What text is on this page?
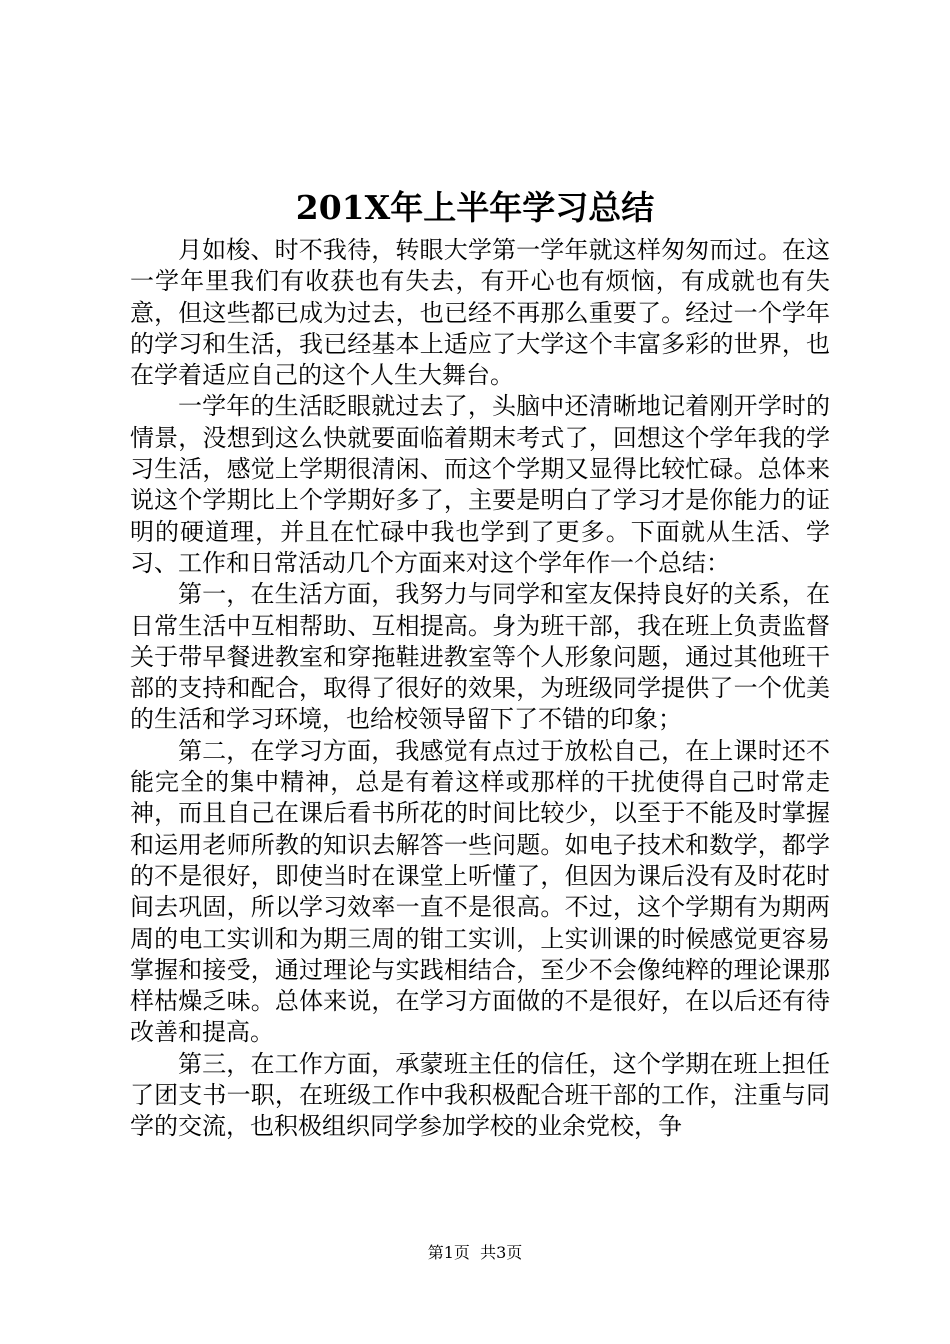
201X年上半年学习总结

月如梭、时不我待，转眼大学第一学年就这样匆匆而过。在这一学年里我们有收获也有失去，有开心也有烦恼，有成就也有失意，但这些都已成为过去，也已经不再那么重要了。经过一个学年的学习和生活，我已经基本上适应了大学这个丰富多彩的世界，也在学着适应自己的这个人生大舞台。

一学年的生活眨眼就过去了，头脑中还清晰地记着刚开学时的情景，没想到这么快就要面临着期末考式了，回想这个学年我的学习生活，感觉上学期很清闲、而这个学期又显得比较忙碌。总体来说这个学期比上个学期好多了，主要是明白了学习才是你能力的证明的硬道理，并且在忙碌中我也学到了更多。下面就从生活、学习、工作和日常活动几个方面来对这个学年作一个总结：

第一，在生活方面，我努力与同学和室友保持良好的关系，在日常生活中互相帮助、互相提高。身为班干部，我在班上负责监督关于带早餐进教室和穿拖鞋进教室等个人形象问题，通过其他班干部的支持和配合，取得了很好的效果，为班级同学提供了一个优美的生活和学习环境，也给校领导留下了不错的印象；

第二，在学习方面，我感觉有点过于放松自己，在上课时还不能完全的集中精神，总是有着这样或那样的干扰使得自己时常走神，而且自己在课后看书所花的时间比较少，以至于不能及时掌握和运用老师所教的知识去解答一些问题。如电子技术和数学，都学的不是很好，即使当时在课堂上听懂了，但因为课后没有及时花时间去巩固，所以学习效率一直不是很高。不过，这个学期有为期两周的电工实训和为期三周的钳工实训，上实训课的时候感觉更容易掌握和接受，通过理论与实践相结合，至少不会像纯粹的理论课那样枯燥乏味。总体来说，在学习方面做的不是很好，在以后还有待改善和提高。

第三，在工作方面，承蒙班主任的信任，这个学期在班上担任了团支书一职，在班级工作中我积极配合班干部的工作，注重与同学的交流，也积极组织同学参加学校的业余党校，争

第1页  共3页
